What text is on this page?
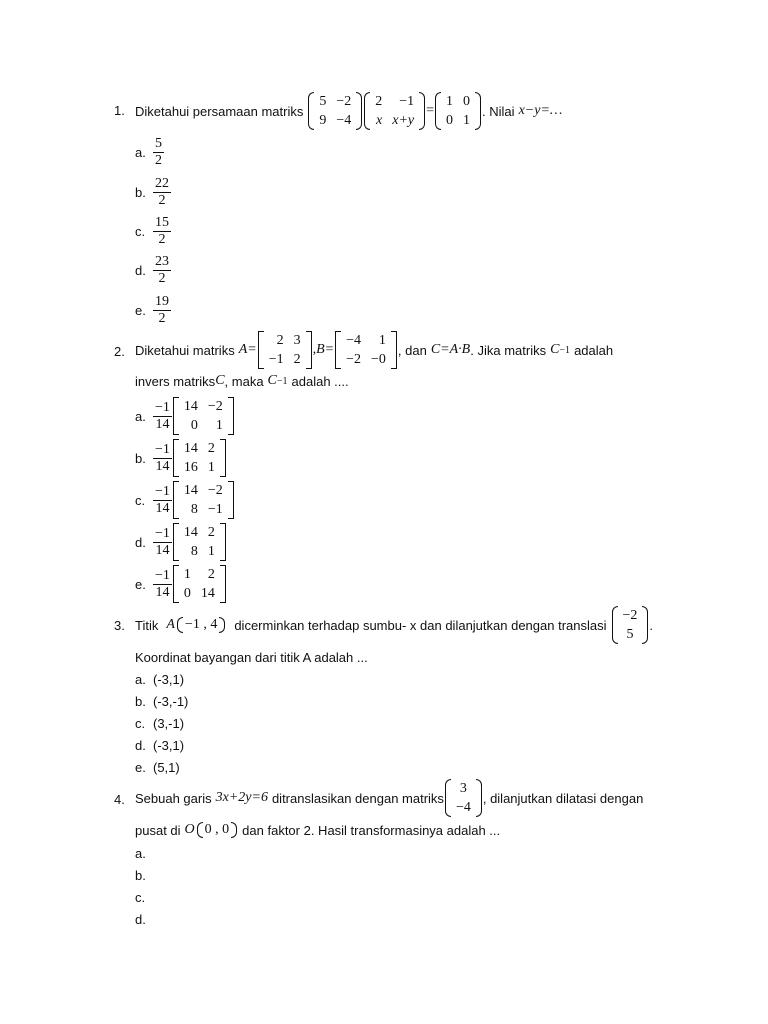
1. Diketahui persamaan matriks
5	−2
9	−4
2	−1
x	x+y
=
1	0
0	1
. Nilai x−y=…
a. $\frac{5}{2}$
b. $\frac{22}{2}$
c. $\frac{15}{2}$
d. $\frac{23}{2}$
e. $\frac{19}{2}$
2. Diketahui matriks A=
2	3
−1	2
, B=
−4	1
−2	−0
, dan C=A·B . Jika matriks C −1 adalah
invers matriks C , maka C −1 adalah ....
a. $\frac{-1}{14} 14$	−2
0	1
b. $\frac{-1}{14} 14$	2
16	1
c. $\frac{-1}{14} 14$	−2
8	−1
d. $\frac{-1}{14} 14$	2
8	1
e. $\frac{-1}{14} 1$	2
0	14
3. Titik A −1 , 4 dicerminkan terhadap sumbu- x dan dilanjutkan dengan translasi
−2
5
.
Koordinat bayangan dari titik A adalah ...
a. (-3,1)
b. (-3,-1)
c. (3,-1)
d. (-3,1)
e. (5,1)
4. Sebuah garis 3x+2y=6 ditranslasikan dengan matriks
3
−4
, dilanjutkan dilatasi dengan
pusat di O 0 , 0 dan faktor 2. Hasil transformasinya adalah ...
a.
b.
c.
d.
